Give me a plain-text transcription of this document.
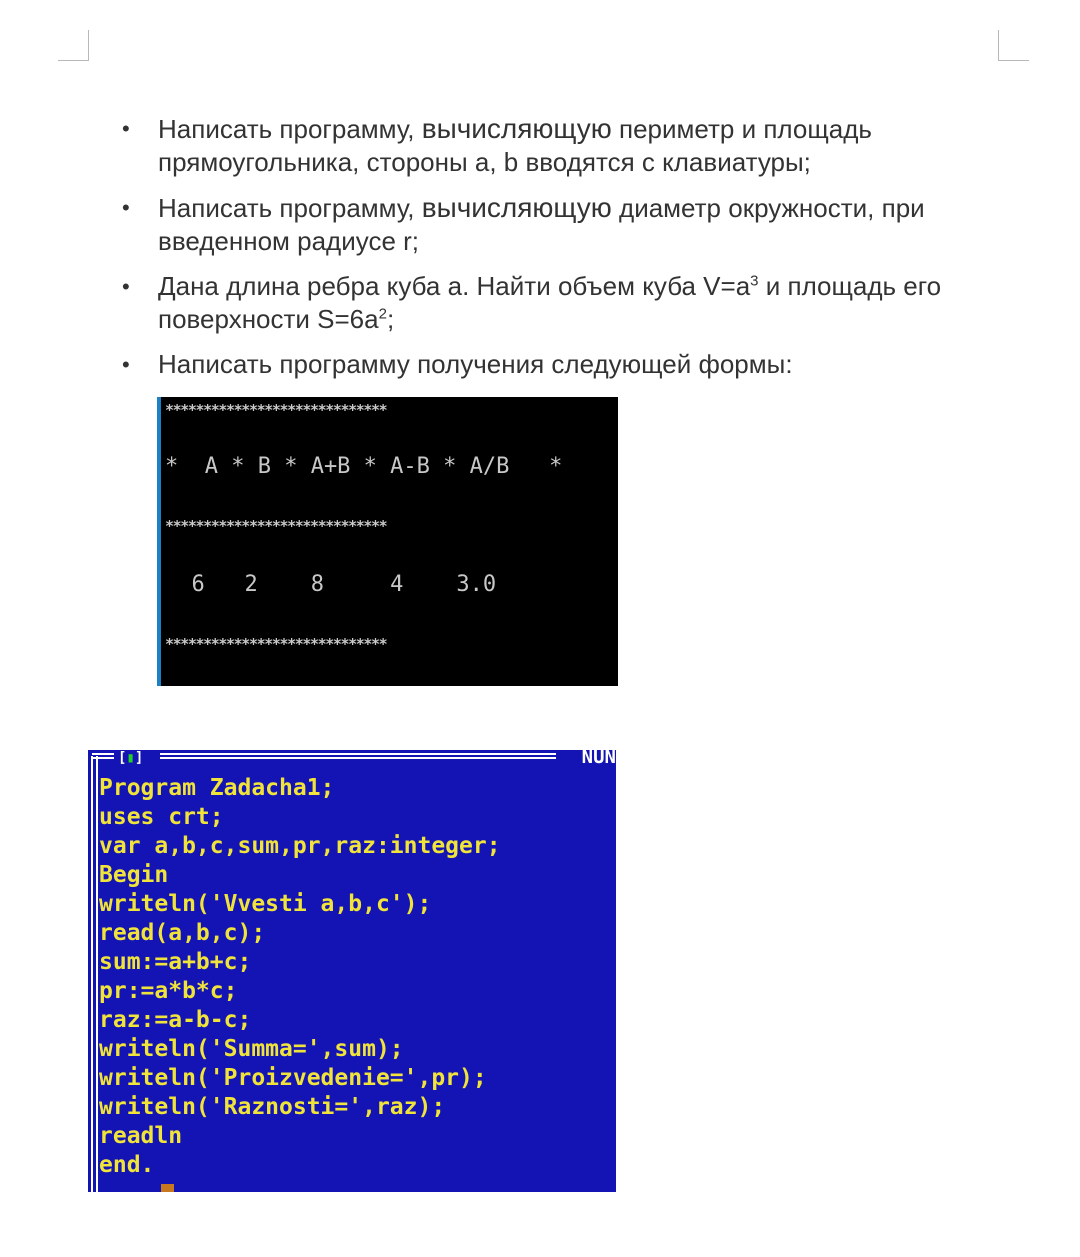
• Написать программу, вычисляющую периметр и площадь прямоугольника, стороны a, b вводятся с клавиатуры;
• Написать программу, вычисляющую диаметр окружности, при введенном радиусе r;
• Дана длина ребра куба a. Найти объем куба $V=a^3$ и площадь его поверхности $S=6a^2$;
• Написать программу получения следующей формы:
*****************************
*  A * B * A+B * A-B * A/B   *
*****************************
6   2    8     4    3.0
*****************************
[▮]	NUN
Program Zadacha1;
uses crt;
var a,b,c,sum,pr,raz:integer;
Begin
writeln('Vvesti a,b,c');
read(a,b,c);
sum:=a+b+c;
pr:=a*b*c;
raz:=a-b-c;
writeln('Summa=',sum);
writeln('Proizvedenie=',pr);
writeln('Raznosti=',raz);
readln
end.
